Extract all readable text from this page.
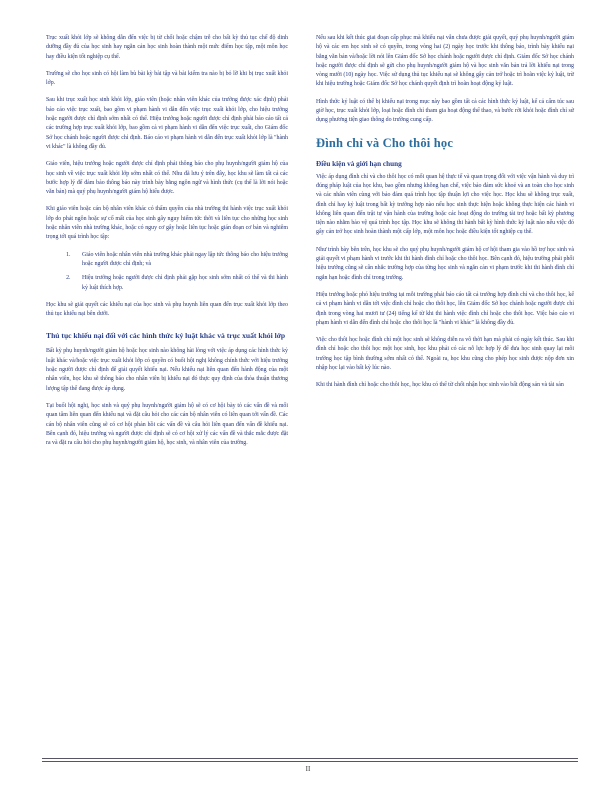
Trục xuất khỏi lớp sẽ không dẫn đến việc bị từ chối hoặc chậm trễ cho bất kỳ thủ tục chế độ dinh dưỡng đầy đủ của học sinh hay ngăn cản học sinh hoàn thành một mức điểm học tập, một môn học hay điều kiện tốt nghiệp cụ thể.

Trường sẽ cho học sinh có hội làm bù bài kỳ bài tập và bài kiểm tra nào bị bỏ lỡ khi bị trục xuất khỏi lớp.

Sau khi trục xuất học sinh khỏi lớp, giáo viên (hoặc nhân viên khác của trường được xác định) phải báo cáo việc trục xuất, bao gồm vi phạm hành vi dẫn đến việc trục xuất khỏi lớp, cho hiệu trưởng hoặc người được chỉ định sớm nhất có thể. Hiệu trưởng hoặc người được chỉ định phải báo cáo tất cả các trường hợp trục xuất khỏi lớp, bao gồm cả vi phạm hành vi dẫn đến việc trục xuất, cho Giám đốc Sở học chánh hoặc người được chỉ định. Báo cáo vi phạm hành vi dẫn đến trục xuất khỏi lớp là "hành vi khác" là không đầy đủ.

Giáo viên, hiệu trưởng hoặc người được chỉ định phải thông báo cho phụ huynh/người giám hộ của học sinh về việc trục xuất khỏi lớp sớm nhất có thể. Nhu đã lưu ý trên đây, học khu sẽ làm tất cả các bước hợp lý để đảm bảo thông báo này trình bày bằng ngôn ngữ và hình thức (cụ thể là lời nói hoặc văn bản) mà quý phụ huynh/người giám hộ hiểu được.

Khi giáo viên hoặc cán bộ nhân viên khác có thẩm quyền của nhà trường thi hành việc trục xuất khỏi lớp do phát ngôn hoặc sự cố mất của học sinh gây nguy hiểm tức thời và liên tục cho những học sinh hoặc nhân viên nhà trường khác, hoặc có nguy cơ gây hoặc liên tục hoặc gián đoạn cơ bản và nghiêm trọng tới quá trình học tập:

1. Giáo viên hoặc nhân viên nhà trường khác phải ngay lập tức thông báo cho hiệu trưởng hoặc người được chỉ định; và
2. Hiệu trưởng hoặc người được chỉ định phải gặp học sinh sớm nhất có thể và thi hành kỷ luật thích hợp.

Học khu sẽ giải quyết các khiếu nại của học sinh và phụ huynh liên quan đến trục xuất khỏi lớp theo thủ tục khiếu nại bên dưới.

Thủ tục khiếu nại đối với các hình thức kỷ luật khác và trục xuất khỏi lớp

Bất kỳ phụ huynh/người giám hộ hoặc học sinh nào không hài lòng với việc áp dụng các hình thức kỷ luật khác và/hoặc việc trục xuất khỏi lớp có quyền có buổi hội nghị không chính thức với hiệu trưởng hoặc người được chỉ định để giải quyết khiếu nại. Nếu khiếu nại liên quan đến hành động của một nhân viên, học khu sẽ thông báo cho nhân viên bị khiếu nại đó thực quy định của thỏa thuận thương lượng tập thể đang được áp dụng.

Tại buổi hội nghị, học sinh và quý phụ huynh/người giám hộ sẽ có cơ hội bày tỏ các vấn đề và mối quan tâm liên quan đến khiếu nại và đặt câu hỏi cho các cán bộ nhân viên có liên quan tới vấn đề. Các cán bộ nhân viên cũng sẽ có cơ hội phản hồi các vấn đề và câu hỏi liên quan đến vấn đề khiếu nại. Bên cạnh đó, hiệu trưởng và người được chỉ định sẽ có cơ hội xử lý các vấn đề và thắc mắc được đặt ra và đặt ra câu hỏi cho phụ huynh/người giám hộ, học sinh, và nhân viên của trường.

Nếu sau khi kết thúc giai đoạn cấp phục mà khiếu nại vẫn chưa được giải quyết, quý phụ huynh/người giám hộ và các em học sinh sẽ có quyền, trong vòng hai (2) ngày học trước khi thông báo, trình bày khiếu nại bằng văn bản và/hoặc lời nói lên Giám đốc Sở học chánh hoặc người được chỉ định. Giám đốc Sở học chánh hoặc người được chỉ định sẽ gửi cho phụ huynh/người giám hộ và học sinh văn bản trả lời khiếu nại trong vòng mười (10) ngày học. Việc sử dụng thủ tục khiếu nại sẽ không gây cản trở hoặc trì hoãn việc kỷ luật, trừ khi hiệu trưởng hoặc Giám đốc Sở học chánh quyết định trì hoãn hoạt động kỷ luật.

Hình thức kỷ luật có thể bị khiếu nại trong mục này bao gồm tất cả các hình thức kỷ luật, kể cả cấm túc sau giờ học, trục xuất khỏi lớp, loại hoặc đình chỉ tham gia hoạt động thể thao, và bước rời khỏi hoặc đình chỉ sử dụng phương tiện giao thông do trường cung cấp.

Đình chỉ và Cho thôi học
Điều kiện và giới hạn chung

Việc áp dụng đình chỉ và cho thôi học có mối quan hệ thực tế và quan trọng đối với việc vận hành và duy trì đúng pháp luật của học khu, bao gồm nhưng không hạn chế, việc bảo đảm sức khoẻ và an toàn cho học sinh và các nhân viên cùng với bảo đảm quá trình học tập thuận lợi cho việc học. Học khu sẽ không trục xuất, đình chỉ hay kỷ luật trong bất kỳ trường hợp nào nếu học sinh thực hiện hoặc không thực hiện các hành vi không liên quan đến trật tự vận hành của trường hoặc các hoạt động do trường tài trợ hoặc bất kỳ phương tiện nào nhằm bảo vệ quá trình học tập. Học khu sẽ không thi hành bất kỳ hình thức kỷ luật nào nếu việc đó gây cản trở học sinh hoàn thành một cấp lớp, một môn học hoặc điều kiện tốt nghiệp cụ thể.

Như trình bày bên trên, học khu sẽ cho quý phụ huynh/người giám hộ cơ hội tham gia vào hồ trợ học sinh và giải quyết vi phạm hành vi trước khi thi hành đình chỉ hoặc cho thôi học. Bên cạnh đó, hiệu trưởng phải phối hiệu trưởng cũng sẽ cân nhắc trường hợp của từng học sinh và ngăn cản vi phạm trước khi thi hành đình chỉ ngắn hạn hoặc đình chỉ trong trường.

Hiệu trưởng hoặc phó hiệu trưởng tại mỗi trường phải báo cáo tất cả trường hợp đình chỉ và cho thôi học, kể cả vi phạm hành vi dẫn tới việc đình chỉ hoặc cho thôi học, lên Giám đốc Sở học chánh hoặc người được chỉ định trong vòng hai mươi tư (24) tiếng kể từ khi thi hành việc đình chỉ hoặc cho thôi học. Việc báo cáo vi phạm hành vi dẫn đến đình chỉ hoặc cho thôi học là "hành vi khác" là không đầy đủ.

Việc cho thôi học hoặc đình chỉ một học sinh sẽ không diễn ra vô thời hạn mà phải có ngày kết thúc. Sau khi đình chỉ hoặc cho thôi học một học sinh, học khu phải có các nỗ lực hợp lý để đưa học sinh quay lại môi trường học tập bình thường sớm nhất có thể. Ngoài ra, học khu cũng cho phép học sinh được nộp đơn xin nhập học lại vào bất kỳ lúc nào.

Khi thi hành đình chỉ hoặc cho thôi học, học khu có thể từ chối nhận học sinh vào bất động sản và tài sản

II
